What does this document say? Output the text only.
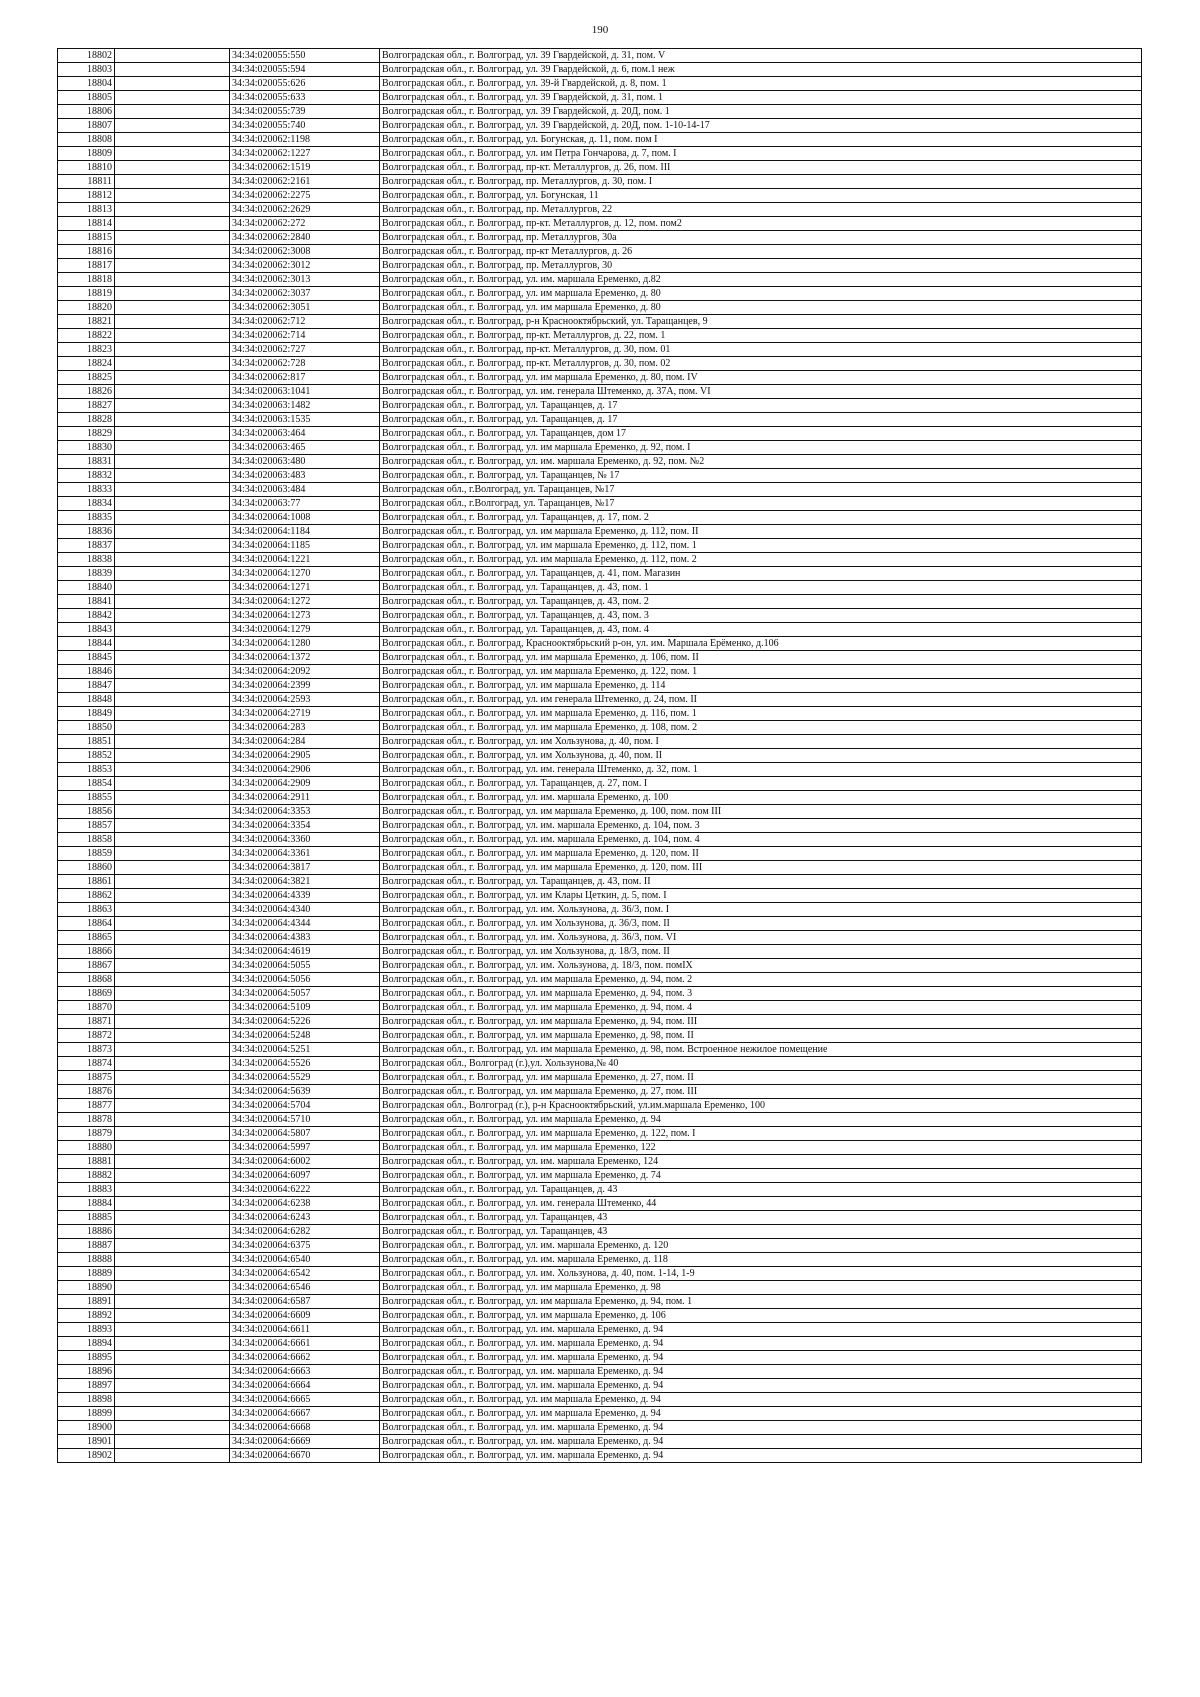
190
18802		34:34:020055:550	Волгоградская обл., г. Волгоград, ул. 39 Гвардейской, д. 31, пом. V
18803		34:34:020055:594	Волгоградская обл., г. Волгоград, ул. 39 Гвардейской, д. 6, пом.1 неж
18804		34:34:020055:626	Волгоградская обл., г. Волгоград, ул. 39-й Гвардейской, д. 8, пом. 1
18805		34:34:020055:633	Волгоградская обл., г. Волгоград, ул. 39 Гвардейской, д. 31, пом. 1
18806		34:34:020055:739	Волгоградская обл., г. Волгоград, ул. 39 Гвардейской, д. 20Д, пом. 1
18807		34:34:020055:740	Волгоградская обл., г. Волгоград, ул. 39 Гвардейской, д. 20Д, пом. 1-10-14-17
18808		34:34:020062:1198	Волгоградская обл., г. Волгоград, ул. Богунская, д. 11, пом. пом I
18809		34:34:020062:1227	Волгоградская обл., г. Волгоград, ул. им Петра Гончарова, д. 7, пом. I
18810		34:34:020062:1519	Волгоградская обл., г. Волгоград, пр-кт. Металлургов, д. 26, пом. III
18811		34:34:020062:2161	Волгоградская обл., г. Волгоград, пр. Металлургов, д. 30, пом. I
18812		34:34:020062:2275	Волгоградская обл., г. Волгоград, ул. Богунская, 11
18813		34:34:020062:2629	Волгоградская обл., г. Волгоград, пр. Металлургов, 22
18814		34:34:020062:272	Волгоградская обл., г. Волгоград, пр-кт. Металлургов, д. 12, пом. пом2
18815		34:34:020062:2840	Волгоградская обл., г. Волгоград, пр. Металлургов, 30а
18816		34:34:020062:3008	Волгоградская обл., г. Волгоград, пр-кт Металлургов, д. 26
18817		34:34:020062:3012	Волгоградская обл., г. Волгоград, пр. Металлургов, 30
18818		34:34:020062:3013	Волгоградская обл., г. Волгоград, ул. им. маршала Еременко, д.82
18819		34:34:020062:3037	Волгоградская обл., г. Волгоград, ул. им маршала Еременко, д. 80
18820		34:34:020062:3051	Волгоградская обл., г. Волгоград, ул. им маршала Еременко, д. 80
18821		34:34:020062:712	Волгоградская обл., г. Волгоград, р-н Краснооктябрьский, ул. Таращанцев, 9
18822		34:34:020062:714	Волгоградская обл., г. Волгоград, пр-кт. Металлургов, д. 22, пом. 1
18823		34:34:020062:727	Волгоградская обл., г. Волгоград, пр-кт. Металлургов, д. 30, пом. 01
18824		34:34:020062:728	Волгоградская обл., г. Волгоград, пр-кт. Металлургов, д. 30, пом. 02
18825		34:34:020062:817	Волгоградская обл., г. Волгоград, ул. им маршала Еременко, д. 80, пом. IV
18826		34:34:020063:1041	Волгоградская обл., г. Волгоград, ул. им. генерала Штеменко, д. 37А, пом. VI
18827		34:34:020063:1482	Волгоградская обл., г. Волгоград, ул. Таращанцев, д. 17
18828		34:34:020063:1535	Волгоградская обл., г. Волгоград, ул. Таращанцев, д. 17
18829		34:34:020063:464	Волгоградская обл., г. Волгоград, ул. Таращанцев, дом 17
18830		34:34:020063:465	Волгоградская обл., г. Волгоград, ул. им маршала Еременко, д. 92, пом. I
18831		34:34:020063:480	Волгоградская обл., г. Волгоград, ул. им. маршала Еременко, д. 92, пом. №2
18832		34:34:020063:483	Волгоградская обл., г. Волгоград, ул. Таращанцев, № 17
18833		34:34:020063:484	Волгоградская обл., г.Волгоград, ул. Таращанцев, №17
18834		34:34:020063:77	Волгоградская обл., г.Волгоград, ул. Таращанцев, №17
18835		34:34:020064:1008	Волгоградская обл., г. Волгоград, ул. Таращанцев, д. 17, пом. 2
18836		34:34:020064:1184	Волгоградская обл., г. Волгоград, ул. им маршала Еременко, д. 112, пом. II
18837		34:34:020064:1185	Волгоградская обл., г. Волгоград, ул. им маршала Еременко, д. 112, пом. 1
18838		34:34:020064:1221	Волгоградская обл., г. Волгоград, ул. им маршала Еременко, д. 112, пом. 2
18839		34:34:020064:1270	Волгоградская обл., г. Волгоград, ул. Таращанцев, д. 41, пом. Магазин
18840		34:34:020064:1271	Волгоградская обл., г. Волгоград, ул. Таращанцев, д. 43, пом. 1
18841		34:34:020064:1272	Волгоградская обл., г. Волгоград, ул. Таращанцев, д. 43, пом. 2
18842		34:34:020064:1273	Волгоградская обл., г. Волгоград, ул. Таращанцев, д. 43, пом. 3
18843		34:34:020064:1279	Волгоградская обл., г. Волгоград, ул. Таращанцев, д. 43, пом. 4
18844		34:34:020064:1280	Волгоградская обл., г. Волгоград, Краснооктябрьский р-он, ул. им. Маршала Ерёменко, д.106
18845		34:34:020064:1372	Волгоградская обл., г. Волгоград, ул. им маршала Еременко, д. 106, пом. II
18846		34:34:020064:2092	Волгоградская обл., г. Волгоград, ул. им маршала Еременко, д. 122, пом. 1
18847		34:34:020064:2399	Волгоградская обл., г. Волгоград, ул. им маршала Еременко, д. 114
18848		34:34:020064:2593	Волгоградская обл., г. Волгоград, ул. им генерала Штеменко, д. 24, пом. II
18849		34:34:020064:2719	Волгоградская обл., г. Волгоград, ул. им маршала Еременко, д. 116, пом. 1
18850		34:34:020064:283	Волгоградская обл., г. Волгоград, ул. им маршала Еременко, д. 108, пом. 2
18851		34:34:020064:284	Волгоградская обл., г. Волгоград, ул. им Хользунова, д. 40, пом. I
18852		34:34:020064:2905	Волгоградская обл., г. Волгоград, ул. им Хользунова, д. 40, пом. II
18853		34:34:020064:2906	Волгоградская обл., г. Волгоград, ул. им. генерала Штеменко, д. 32, пом. 1
18854		34:34:020064:2909	Волгоградская обл., г. Волгоград, ул. Таращанцев, д. 27, пом. I
18855		34:34:020064:2911	Волгоградская обл., г. Волгоград, ул. им. маршала Еременко, д. 100
18856		34:34:020064:3353	Волгоградская обл., г. Волгоград, ул. им маршала Еременко, д. 100, пом. пом III
18857		34:34:020064:3354	Волгоградская обл., г. Волгоград, ул. им. маршала Еременко, д. 104, пом. 3
18858		34:34:020064:3360	Волгоградская обл., г. Волгоград, ул. им. маршала Еременко, д. 104, пом. 4
18859		34:34:020064:3361	Волгоградская обл., г. Волгоград, ул. им маршала Еременко, д. 120, пом. II
18860		34:34:020064:3817	Волгоградская обл., г. Волгоград, ул. им маршала Еременко, д. 120, пом. III
18861		34:34:020064:3821	Волгоградская обл., г. Волгоград, ул. Таращанцев, д. 43, пом. II
18862		34:34:020064:4339	Волгоградская обл., г. Волгоград, ул. им Клары Цеткин, д. 5, пом. I
18863		34:34:020064:4340	Волгоградская обл., г. Волгоград, ул. им. Хользунова, д. 36/3, пом. I
18864		34:34:020064:4344	Волгоградская обл., г. Волгоград, ул. им Хользунова, д. 36/3, пом. II
18865		34:34:020064:4383	Волгоградская обл., г. Волгоград, ул. им. Хользунова, д. 36/3, пом. VI
18866		34:34:020064:4619	Волгоградская обл., г. Волгоград, ул. им Хользунова, д. 18/3, пом. II
18867		34:34:020064:5055	Волгоградская обл., г. Волгоград, ул. им. Хользунова, д. 18/3, пом. помIX
18868		34:34:020064:5056	Волгоградская обл., г. Волгоград, ул. им маршала Еременко, д. 94, пом. 2
18869		34:34:020064:5057	Волгоградская обл., г. Волгоград, ул. им маршала Еременко, д. 94, пом. 3
18870		34:34:020064:5109	Волгоградская обл., г. Волгоград, ул. им маршала Еременко, д. 94, пом. 4
18871		34:34:020064:5226	Волгоградская обл., г. Волгоград, ул. им маршала Еременко, д. 94, пом. III
18872		34:34:020064:5248	Волгоградская обл., г. Волгоград, ул. им маршала Еременко, д. 98, пом. II
18873		34:34:020064:5251	Волгоградская обл., г. Волгоград, ул. им маршала Еременко, д. 98, пом. Встроенное нежилое помещение
18874		34:34:020064:5526	Волгоградская обл., Волгоград (г.),ул. Хользунова,№ 40
18875		34:34:020064:5529	Волгоградская обл., г. Волгоград, ул. им маршала Еременко, д. 27, пом. II
18876		34:34:020064:5639	Волгоградская обл., г. Волгоград, ул. им маршала Еременко, д. 27, пом. III
18877		34:34:020064:5704	Волгоградская обл., Волгоград (г.), р-н Краснооктябрьский, ул.им.маршала Еременко, 100
18878		34:34:020064:5710	Волгоградская обл., г. Волгоград, ул. им маршала Еременко, д. 94
18879		34:34:020064:5807	Волгоградская обл., г. Волгоград, ул. им маршала Еременко, д. 122, пом. I
18880		34:34:020064:5997	Волгоградская обл., г. Волгоград, ул. им маршала Еременко, 122
18881		34:34:020064:6002	Волгоградская обл., г. Волгоград, ул. им. маршала Еременко, 124
18882		34:34:020064:6097	Волгоградская обл., г. Волгоград, ул. им маршала Еременко, д. 74
18883		34:34:020064:6222	Волгоградская обл., г. Волгоград, ул. Таращанцев, д. 43
18884		34:34:020064:6238	Волгоградская обл., г. Волгоград, ул. им. генерала Штеменко, 44
18885		34:34:020064:6243	Волгоградская обл., г. Волгоград, ул. Таращанцев, 43
18886		34:34:020064:6282	Волгоградская обл., г. Волгоград, ул. Таращанцев, 43
18887		34:34:020064:6375	Волгоградская обл., г. Волгоград, ул. им. маршала Еременко, д. 120
18888		34:34:020064:6540	Волгоградская обл., г. Волгоград, ул. им. маршала Еременко, д. 118
18889		34:34:020064:6542	Волгоградская обл., г. Волгоград, ул. им. Хользунова, д. 40, пом. 1-14, 1-9
18890		34:34:020064:6546	Волгоградская обл., г. Волгоград, ул. им маршала Еременко, д. 98
18891		34:34:020064:6587	Волгоградская обл., г. Волгоград, ул. им маршала Еременко, д. 94, пом. 1
18892		34:34:020064:6609	Волгоградская обл., г. Волгоград, ул. им маршала Еременко, д. 106
18893		34:34:020064:6611	Волгоградская обл., г. Волгоград, ул. им. маршала Еременко, д. 94
18894		34:34:020064:6661	Волгоградская обл., г. Волгоград, ул. им. маршала Еременко, д. 94
18895		34:34:020064:6662	Волгоградская обл., г. Волгоград, ул. им. маршала Еременко, д. 94
18896		34:34:020064:6663	Волгоградская обл., г. Волгоград, ул. им. маршала Еременко, д. 94
18897		34:34:020064:6664	Волгоградская обл., г. Волгоград, ул. им. маршала Еременко, д. 94
18898		34:34:020064:6665	Волгоградская обл., г. Волгоград, ул. им маршала Еременко, д. 94
18899		34:34:020064:6667	Волгоградская обл., г. Волгоград, ул. им маршала Еременко, д. 94
18900		34:34:020064:6668	Волгоградская обл., г. Волгоград, ул. им. маршала Еременко, д. 94
18901		34:34:020064:6669	Волгоградская обл., г. Волгоград, ул. им. маршала Еременко, д. 94
18902		34:34:020064:6670	Волгоградская обл., г. Волгоград, ул. им. маршала Еременко, д. 94
